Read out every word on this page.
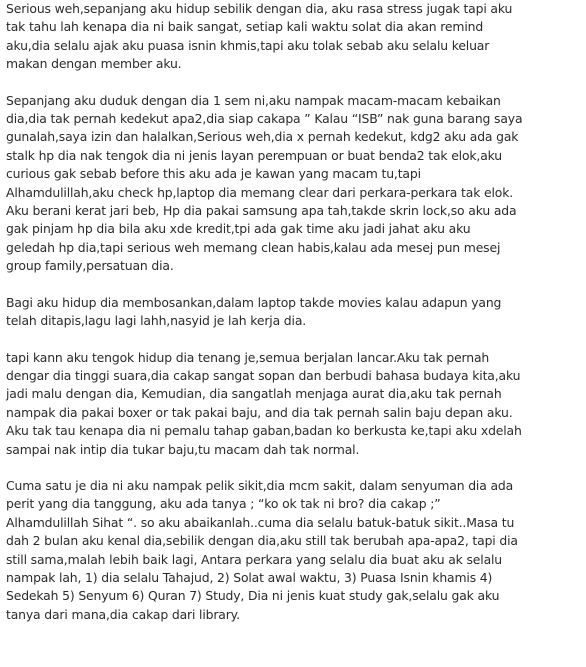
Serious weh,sepanjang aku hidup sebilik dengan dia, aku rasa stress jugak tapi aku
tak tahu lah kenapa dia ni baik sangat, setiap kali waktu solat dia akan remind
aku,dia selalu ajak aku puasa isnin khmis,tapi aku tolak sebab aku selalu keluar
makan dengan member aku.

Sepanjang aku duduk dengan dia 1 sem ni,aku nampak macam-macam kebaikan
dia,dia tak pernah kedekut apa2,dia siap cakapa ” Kalau “ISB” nak guna barang saya
gunalah,saya izin dan halalkan,Serious weh,dia x pernah kedekut, kdg2 aku ada gak
stalk hp dia nak tengok dia ni jenis layan perempuan or buat benda2 tak elok,aku
curious gak sebab before this aku ada je kawan yang macam tu,tapi
Alhamdulillah,aku check hp,laptop dia memang clear dari perkara-perkara tak elok.
Aku berani kerat jari beb, Hp dia pakai samsung apa tah,takde skrin lock,so aku ada
gak pinjam hp dia bila aku xde kredit,tpi ada gak time aku jadi jahat aku aku
geledah hp dia,tapi serious weh memang clean habis,kalau ada mesej pun mesej
group family,persatuan dia.

Bagi aku hidup dia membosankan,dalam laptop takde movies kalau adapun yang
telah ditapis,lagu lagi lahh,nasyid je lah kerja dia.

tapi kann aku tengok hidup dia tenang je,semua berjalan lancar.Aku tak pernah
dengar dia tinggi suara,dia cakap sangat sopan dan berbudi bahasa budaya kita,aku
jadi malu dengan dia, Kemudian, dia sangatlah menjaga aurat dia,aku tak pernah
nampak dia pakai boxer or tak pakai baju, and dia tak pernah salin baju depan aku.
Aku tak tau kenapa dia ni pemalu tahap gaban,badan ko berkusta ke,tapi aku xdelah
sampai nak intip dia tukar baju,tu macam dah tak normal.

Cuma satu je dia ni aku nampak pelik sikit,dia mcm sakit, dalam senyuman dia ada
perit yang dia tanggung, aku ada tanya ; “ko ok tak ni bro? dia cakap ;”
Alhamdulillah Sihat “. so aku abaikanlah..cuma dia selalu batuk-batuk sikit..Masa tu
dah 2 bulan aku kenal dia,sebilik dengan dia,aku still tak berubah apa-apa2, tapi dia
still sama,malah lebih baik lagi, Antara perkara yang selalu dia buat aku ak selalu
nampak lah, 1) dia selalu Tahajud, 2) Solat awal waktu, 3) Puasa Isnin khamis 4)
Sedekah 5) Senyum 6) Quran 7) Study, Dia ni jenis kuat study gak,selalu gak aku
tanya dari mana,dia cakap dari library.
